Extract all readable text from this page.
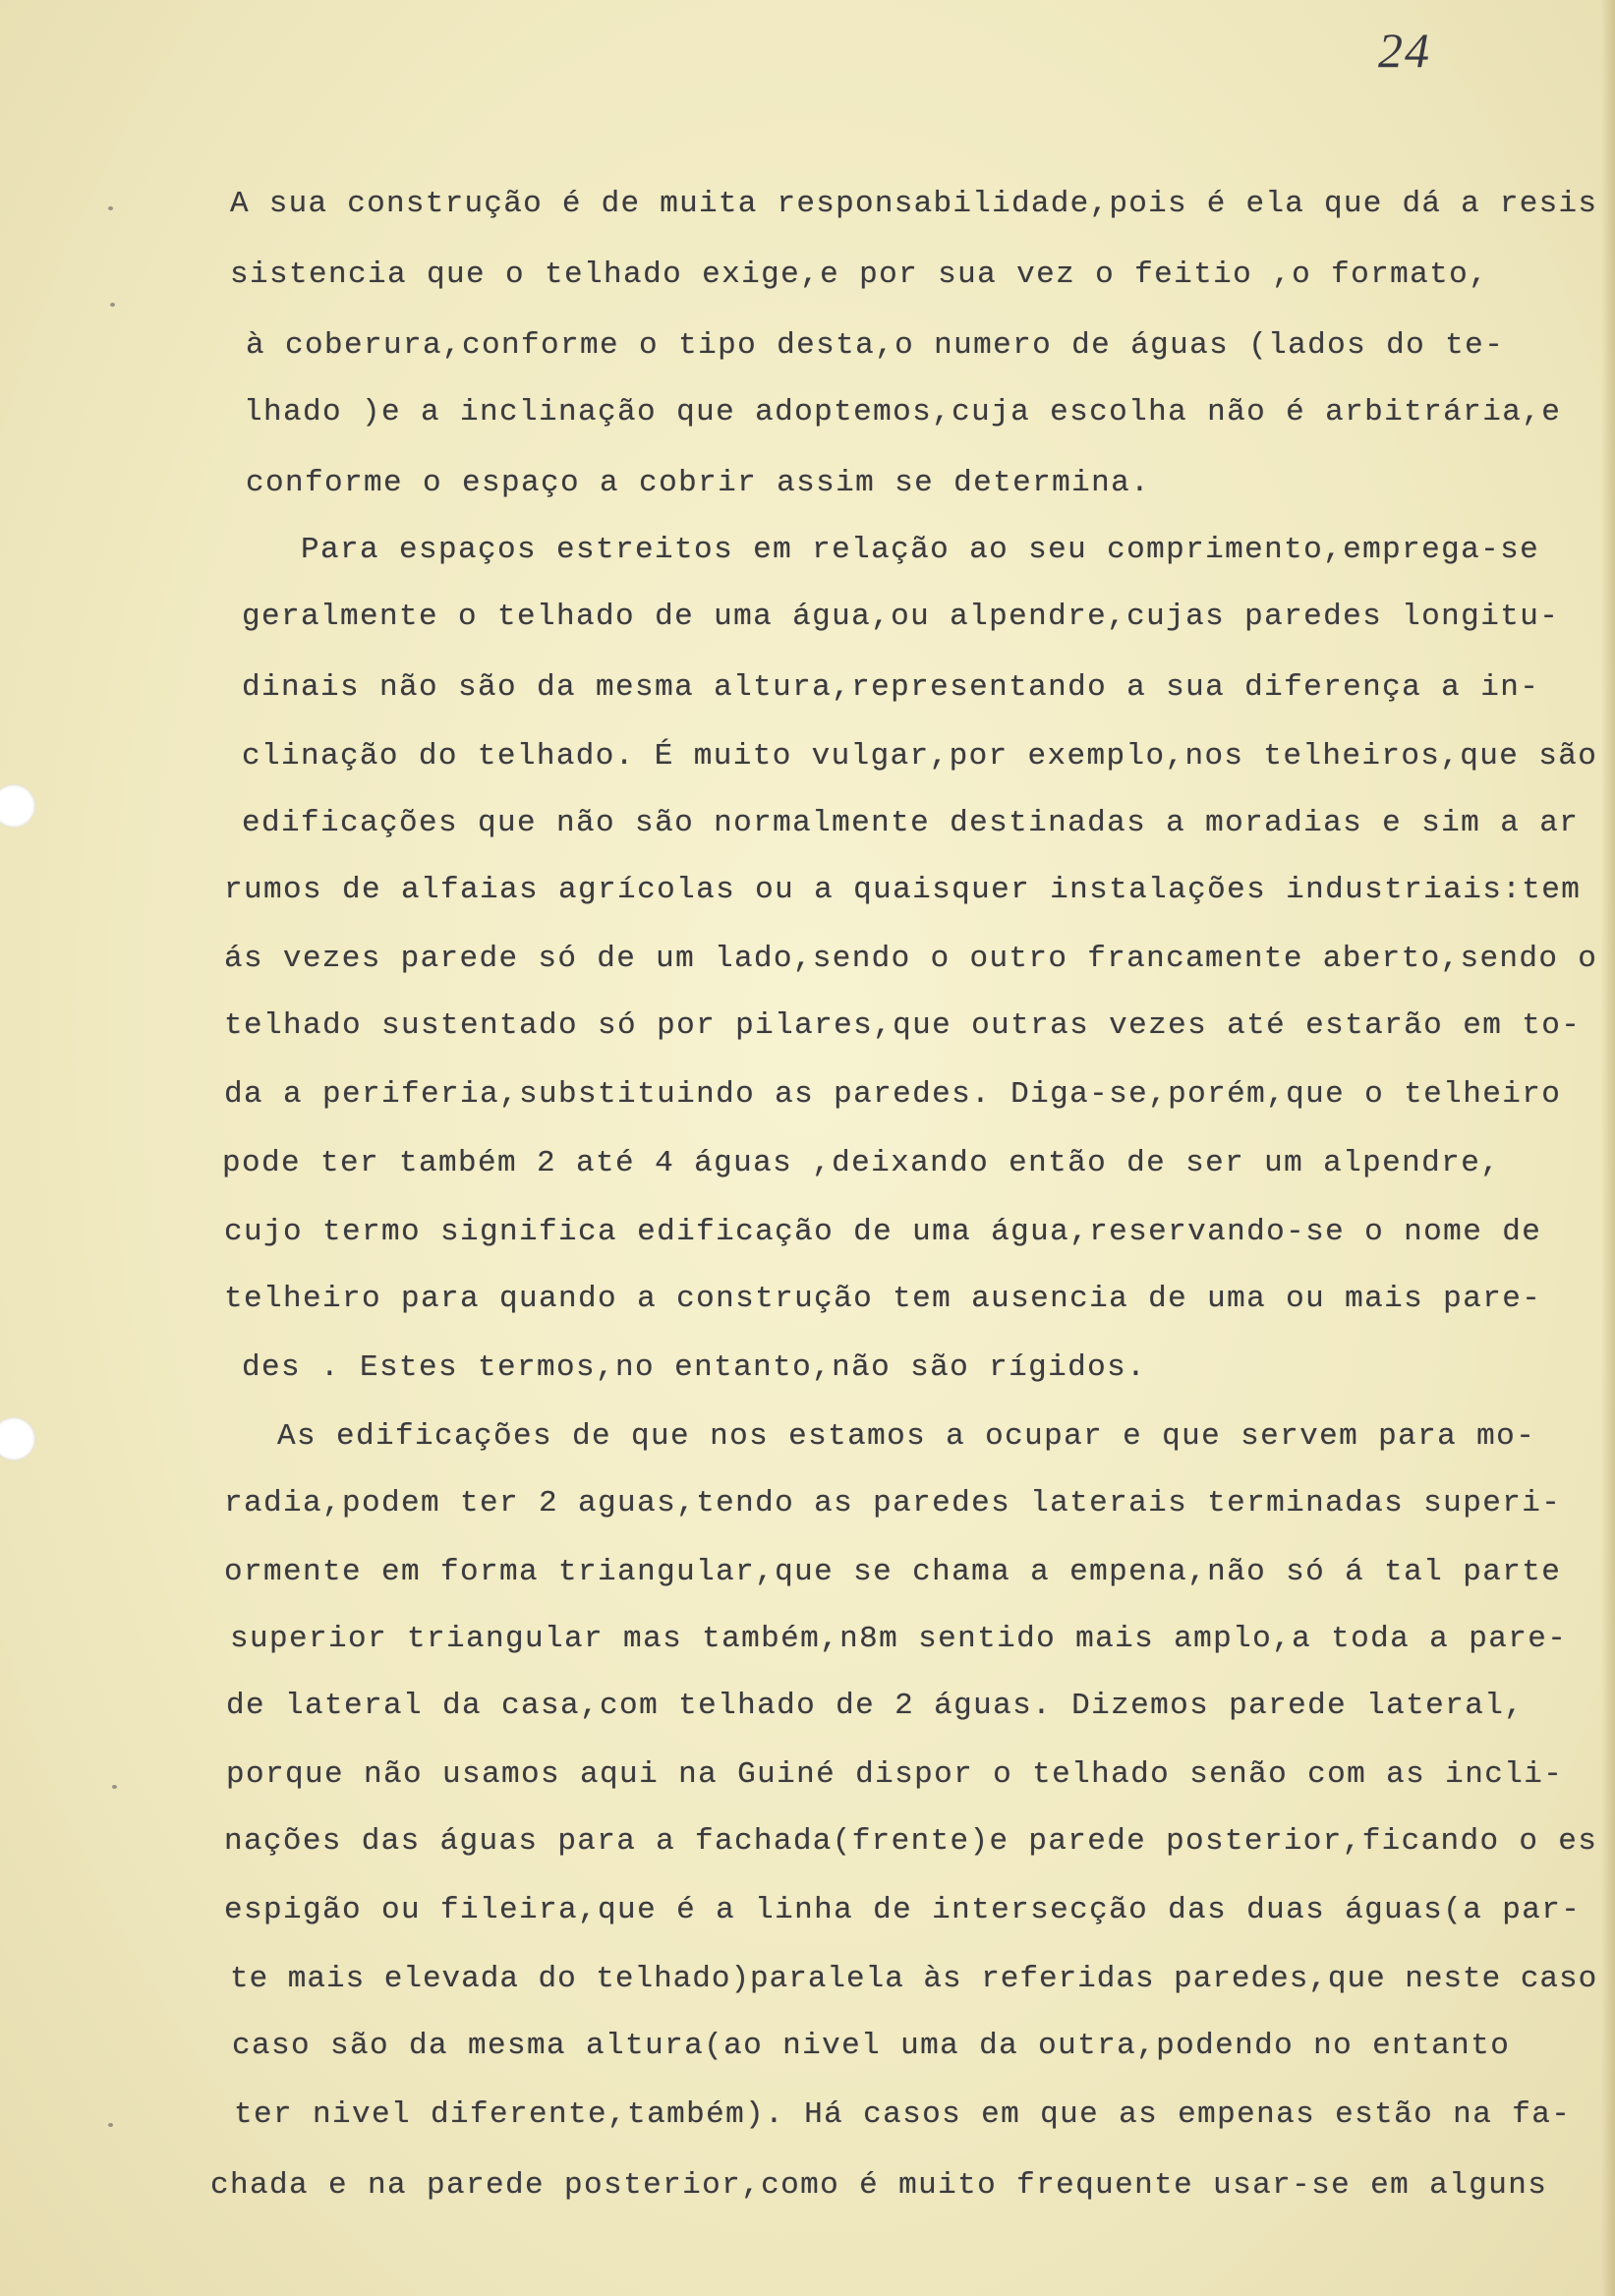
24
A sua construção é de muita responsabilidade,pois é ela que dá a resis
sistencia que o telhado exige,e por sua vez o feitio ,o formato,
à coberura,conforme o tipo desta,o numero de águas (lados do te-
lhado )e a inclinação que adoptemos,cuja escolha não é arbitrária,e
conforme o espaço a cobrir assim se determina.
Para espaços estreitos em relação ao seu comprimento,emprega-se
geralmente o telhado de uma água,ou alpendre,cujas paredes longitu-
dinais não são da mesma altura,representando a sua diferença a in-
clinação do telhado. É muito vulgar,por exemplo,nos telheiros,que são
edificações que não são normalmente destinadas a moradias e sim a ar
rumos de alfaias agrícolas ou a quaisquer instalações industriais:tem
ás vezes parede só de um lado,sendo o outro francamente aberto,sendo o
telhado sustentado só por pilares,que outras vezes até estarão em to-
da a periferia,substituindo as paredes. Diga-se,porém,que o telheiro
pode ter também 2 até 4 águas ,deixando então de ser um alpendre,
cujo termo significa edificação de uma água,reservando-se o nome de
telheiro para quando a construção tem ausencia de uma ou mais pare-
des . Estes termos,no entanto,não são rígidos.
As edificações de que nos estamos a ocupar e que servem para mo-
radia,podem ter 2 aguas,tendo as paredes laterais terminadas superi-
ormente em forma triangular,que se chama a empena,não só á tal parte
superior triangular mas também,n8m sentido mais amplo,a toda a pare-
de lateral da casa,com telhado de 2 águas. Dizemos parede lateral,
porque não usamos aqui na Guiné dispor o telhado senão com as incli-
nações das águas para a fachada(frente)e parede posterior,ficando o es
espigão ou fileira,que é a linha de intersecção das duas águas(a par-
te mais elevada do telhado)paralela às referidas paredes,que neste caso
caso são da mesma altura(ao nivel uma da outra,podendo no entanto
ter nivel diferente,também). Há casos em que as empenas estão na fa-
chada e na parede posterior,como é muito frequente usar-se em alguns
